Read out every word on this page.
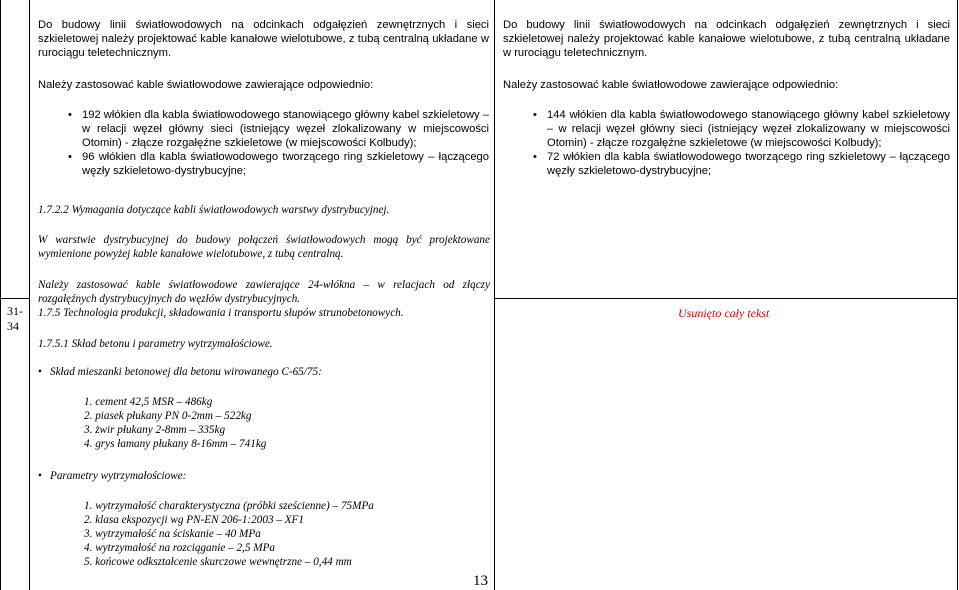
31-
34

Do budowy linii światłowodowych na odcinkach odgałęzień zewnętrznych i sieci szkieletowej należy projektować kable kanałowe wielotubowe, z tubą centralną układane w rurociągu teletechnicznym.

Należy zastosować kable światłowodowe zawierające odpowiednio:

• 192 włókien dla kabla światłowodowego stanowiącego główny kabel szkieletowy – w relacji węzeł główny sieci (istniejący węzeł zlokalizowany w miejscowości Otomin) - złącze rozgałęźne szkieletowe (w miejscowości Kolbudy);
• 96 włókien dla kabla światłowodowego tworzącego ring szkieletowy – łączącego węzły szkieletowo-dystrybucyjne;

1.7.2.2 Wymagania dotyczące kabli światłowodowych warstwy dystrybucyjnej.

W warstwie dystrybucyjnej do budowy połączeń światłowodowych mogą być projektowane wymienione powyżej kable kanałowe wielotubowe, z tubą centralną.

Należy zastosować kable światłowodowe zawierające 24-włókna – w relacjach od złączy rozgałęźnych dystrybucyjnych do węzłów dystrybucyjnych.

1.7.5 Technologia produkcji, składowania i transportu słupów strunobetonowych.

1.7.5.1 Skład betonu i parametry wytrzymałościowe.

• Skład mieszanki betonowej dla betonu wirowanego C-65/75:
1. cement 42,5 MSR – 486kg
2. piasek płukany PN 0-2mm – 522kg
3. żwir płukany 2-8mm – 335kg
4. grys łamany płukany 8-16mm – 741kg
• Parametry wytrzymałościowe:
1. wytrzymałość charakterystyczna (próbki sześcienne) – 75MPa
2. klasa ekspozycji wg PN-EN 206-1:2003 – XF1
3. wytrzymałość na ściskanie – 40 MPa
4. wytrzymałość na rozciąganie – 2,5 MPa
5. końcowe odkształcenie skurczowe wewnętrzne – 0,44 mm

Do budowy linii światłowodowych na odcinkach odgałęzień zewnętrznych i sieci szkieletowej należy projektować kable kanałowe wielotubowe, z tubą centralną układane w rurociągu teletechnicznym.

Należy zastosować kable światłowodowe zawierające odpowiednio:

• 144 włókien dla kabla światłowodowego stanowiącego główny kabel szkieletowy – w relacji węzeł główny sieci (istniejący węzeł zlokalizowany w miejscowości Otomin) - złącze rozgałęźne szkieletowe (w miejscowości Kolbudy);
• 72 włókien dla kabla światłowodowego tworzącego ring szkieletowy – łączącego węzły szkieletowo-dystrybucyjne;
Usunięto cały tekst
13
